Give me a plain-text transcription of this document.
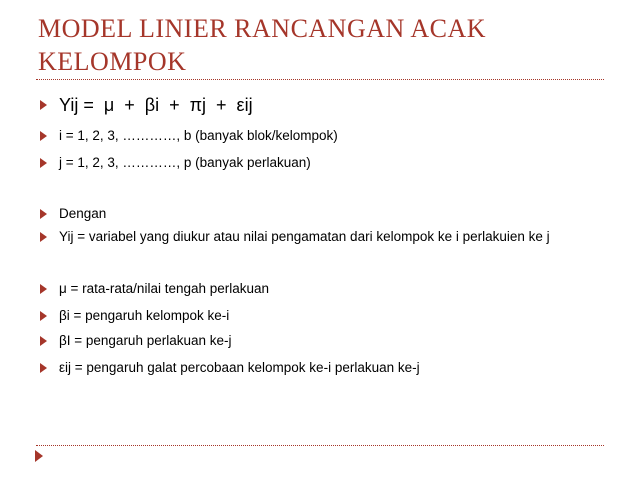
MODEL LINIER RANCANGAN ACAK KELOMPOK
Yij =  μ  +  βi  +  πj  +  εij
i = 1, 2, 3, …………, b (banyak blok/kelompok)
j = 1, 2, 3, …………, p (banyak perlakuan)
Dengan
Yij = variabel yang diukur atau nilai pengamatan dari kelompok ke i perlakuien ke j
μ = rata-rata/nilai tengah perlakuan
βi = pengaruh kelompok ke-i
βI = pengaruh perlakuan ke-j
εij = pengaruh galat percobaan kelompok ke-i perlakuan ke-j
